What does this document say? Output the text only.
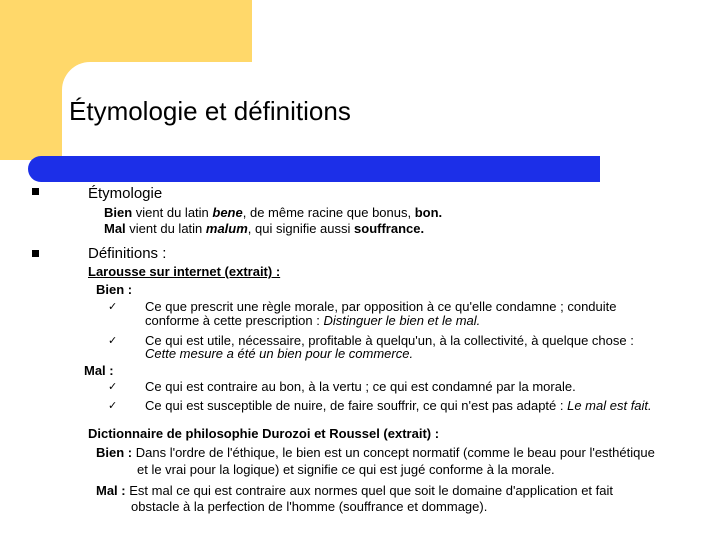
Étymologie et définitions
Étymologie
Bien vient du latin bene, de même racine que bonus, bon.
Mal vient du latin malum, qui signifie aussi souffrance.
Définitions :
Larousse sur internet (extrait) :
Bien :
✓ Ce que prescrit une règle morale, par opposition à ce qu'elle condamne ; conduite
conforme à cette prescription : Distinguer le bien et le mal.
✓ Ce qui est utile, nécessaire, profitable à quelqu'un, à la collectivité, à quelque chose :
Cette mesure a été un bien pour le commerce.
Mal :
✓ Ce qui est contraire au bon, à la vertu ; ce qui est condamné par la morale.
✓ Ce qui est susceptible de nuire, de faire souffrir, ce qui n'est pas adapté : Le mal est fait.
Dictionnaire de philosophie Durozoi et Roussel (extrait) :
Bien : Dans l'ordre de l'éthique, le bien est un concept normatif (comme le beau pour l'esthétique
et le vrai pour la logique) et signifie ce qui est jugé conforme à la morale.
Mal : Est mal ce qui est contraire aux normes quel que soit le domaine d'application et fait
obstacle à la perfection de l'homme (souffrance et dommage).
